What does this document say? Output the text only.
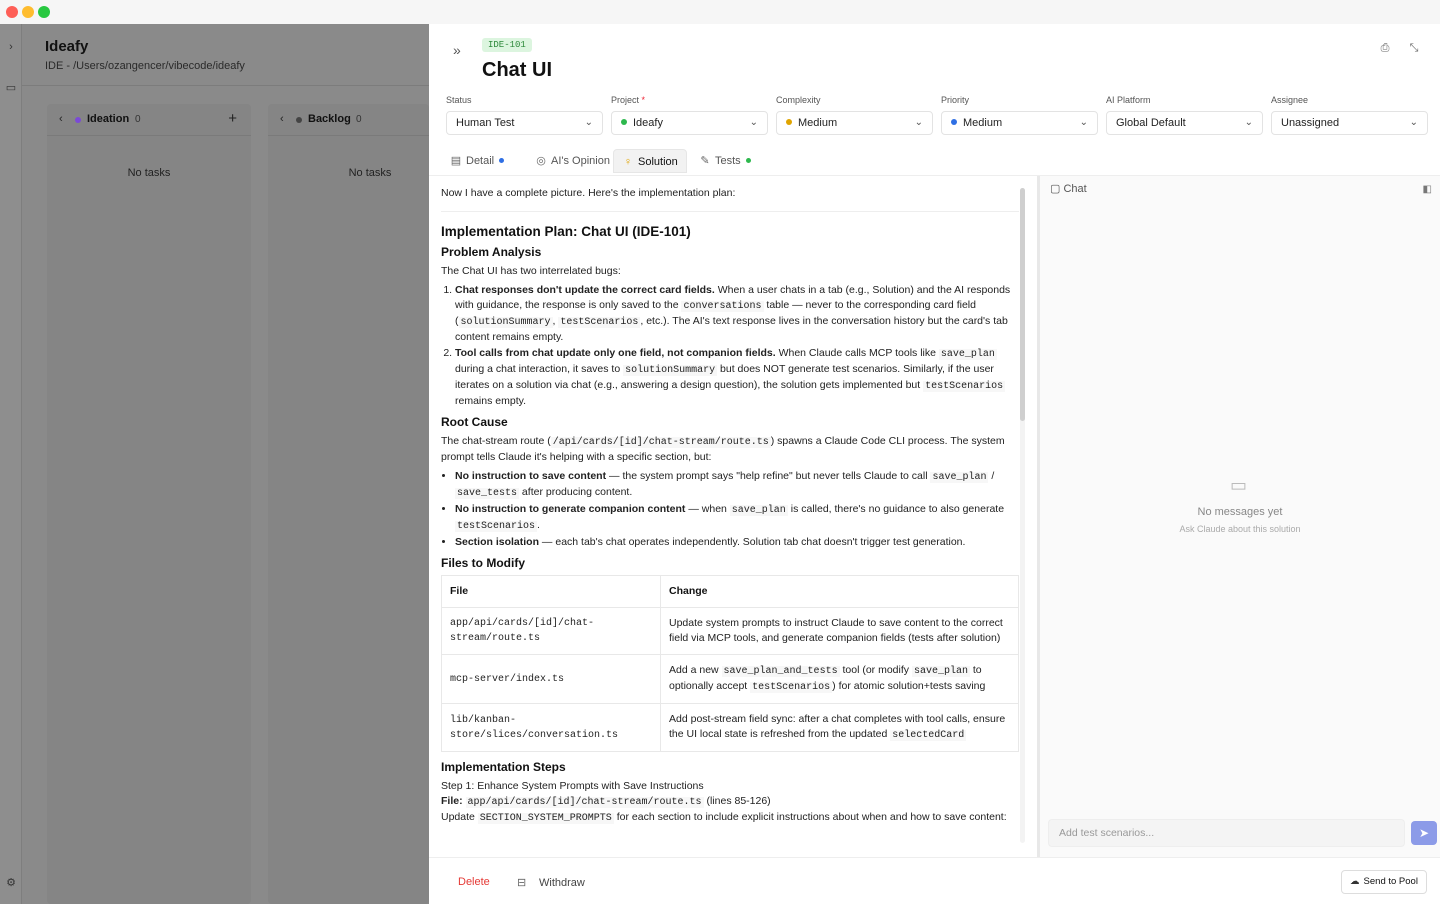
›
▭
⚙
Ideafy
IDE - /Users/ozangencer/vibecode/ideafy
‹ Ideation 0	+
No tasks
‹ Backlog 0
No tasks
»	IDE-101
Chat UI
⎙ ⤡
Status
Human Test	⌄
Project *
Ideafy	⌄
Complexity
Medium	⌄
Priority
Medium	⌄
AI Platform
Global Default	⌄
Assignee
Unassigned	⌄
▤ Detail	◎ AI's Opinion	♀ Solution	✎ Tests
Now I have a complete picture. Here's the implementation plan:
Implementation Plan: Chat UI (IDE-101)
Problem Analysis
The Chat UI has two interrelated bugs:
1. Chat responses don't update the correct card fields. When a user chats in a tab (e.g., Solution) and the AI responds with guidance, the response is only saved to the conversations table — never to the corresponding card field ( solutionSummary , testScenarios , etc.). The AI's text response lives in the conversation history but the card's tab content remains empty.
2. Tool calls from chat update only one field, not companion fields. When Claude calls MCP tools like save_plan during a chat interaction, it saves to solutionSummary but does NOT generate test scenarios. Similarly, if the user iterates on a solution via chat (e.g., answering a design question), the solution gets implemented but testScenarios remains empty.
Root Cause
The chat-stream route ( /api/cards/[id]/chat-stream/route.ts ) spawns a Claude Code CLI process. The system prompt tells Claude it's helping with a specific section, but:
• No instruction to save content — the system prompt says "help refine" but never tells Claude to call save_plan / save_tests after producing content.
• No instruction to generate companion content — when save_plan is called, there's no guidance to also generate testScenarios .
• Section isolation — each tab's chat operates independently. Solution tab chat doesn't trigger test generation.
Files to Modify
File	Change
app/api/cards/[id]/chat-stream/route.ts	Update system prompts to instruct Claude to save content to the correct field via MCP tools, and generate companion fields (tests after solution)
mcp-server/index.ts	Add a new save_plan_and_tests tool (or modify save_plan to optionally accept testScenarios ) for atomic solution+tests saving
lib/kanban-store/slices/conversation.ts	Add post-stream field sync: after a chat completes with tool calls, ensure the UI local state is refreshed from the updated selectedCard
Implementation Steps
Step 1: Enhance System Prompts with Save Instructions
File: app/api/cards/[id]/chat-stream/route.ts (lines 85-126)
Update SECTION_SYSTEM_PROMPTS for each section to include explicit instructions about when and how to save content:
▢ Chat	◧
▭
No messages yet
Ask Claude about this solution
Add test scenarios...	➤
Delete ⊟ Withdraw	☁ Send to Pool
